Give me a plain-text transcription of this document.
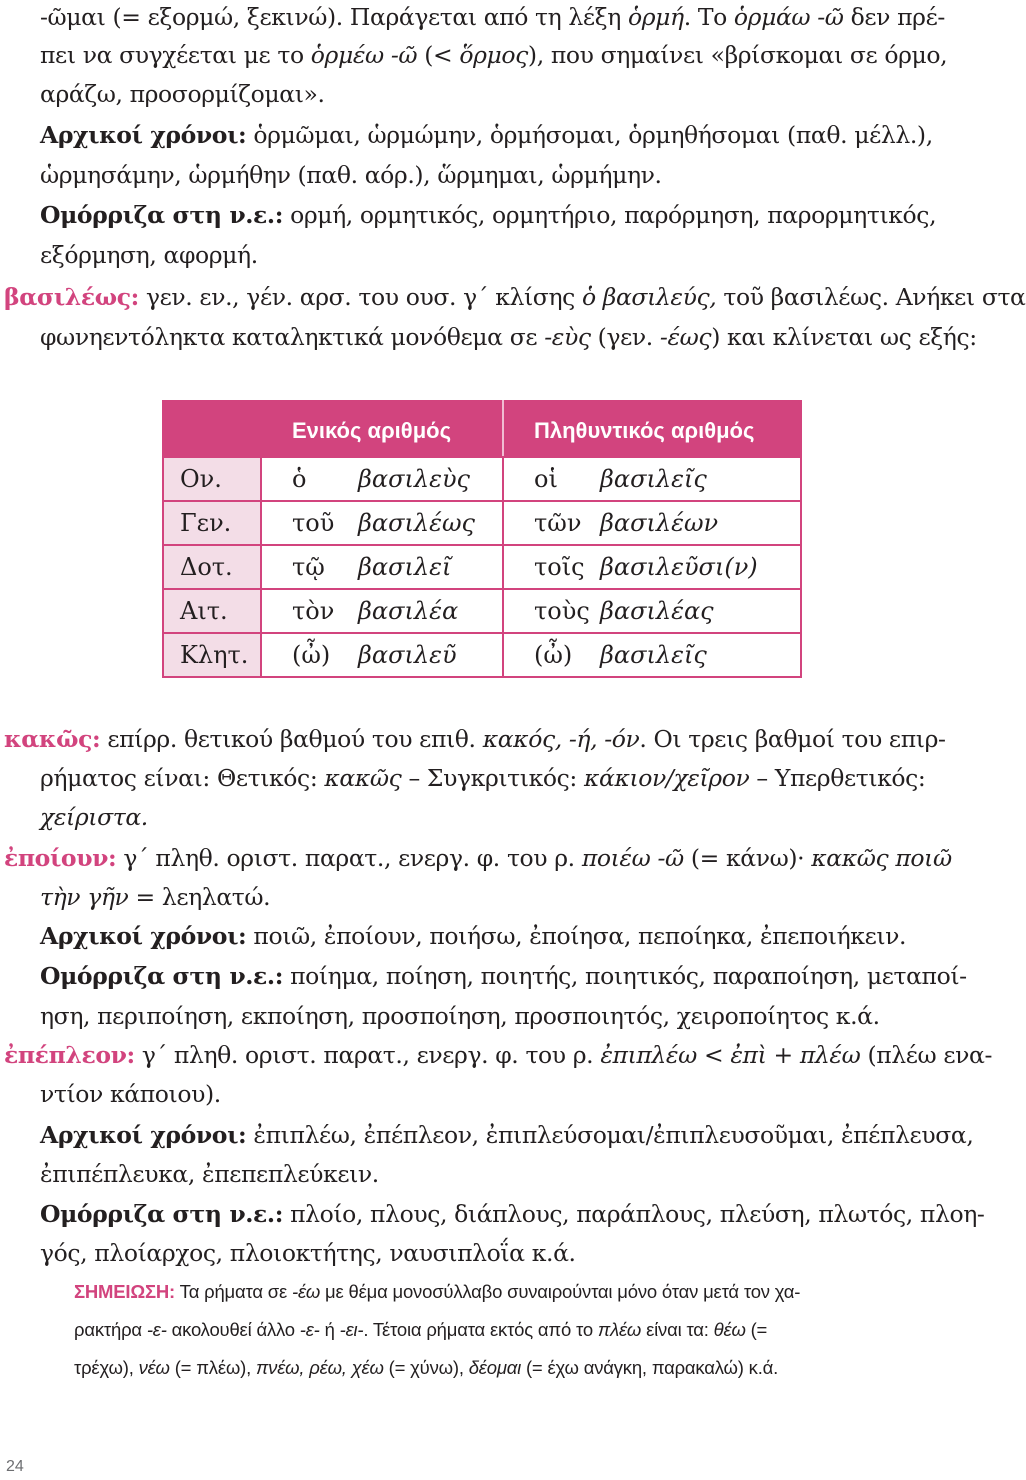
-ῶμαι (= εξορμώ, ξεκινώ). Παράγεται από τη λέξη ὁρμή. Το ὁρμάω -ῶ δεν πρέ-
πει να συγχέεται με το ὁρμέω -ῶ (< ὅρμος), που σημαίνει «βρίσκομαι σε όρμο,
αράζω, προσορμίζομαι».
Αρχικοί χρόνοι: ὁρμῶμαι, ὡρμώμην, ὁρμήσομαι, ὁρμηθήσομαι (παθ. μέλλ.),
ὡρμησάμην, ὡρμήθην (παθ. αόρ.), ὥρμημαι, ὡρμήμην.
Ομόρριζα στη ν.ε.: ορμή, ορμητικός, ορμητήριο, παρόρμηση, παρορμητικός,
εξόρμηση, αφορμή.
βασιλέως: γεν. εν., γέν. αρσ. του ουσ. γ΄ κλίσης ὁ βασιλεύς, τοῦ βασιλέως. Ανήκει στα
φωνηεντόληκτα καταληκτικά μονόθεμα σε -εὺς (γεν. -έως) και κλίνεται ως εξής:
	Ενικός αριθμός	Πληθυντικός αριθμός
Ον.	ὁ βασιλεὺς	οἱ βασιλεῖς
Γεν.	τοῦ βασιλέως	τῶν βασιλέων
Δοτ.	τῷ βασιλεῖ	τοῖς βασιλεῦσι(ν)
Αιτ.	τὸν βασιλέα	τοὺς βασιλέας
Κλητ.	(ὦ) βασιλεῦ	(ὦ) βασιλεῖς
κακῶς: επίρρ. θετικού βαθμού του επιθ. κακός, -ή, -όν. Οι τρεις βαθμοί του επιρ-
ρήματος είναι: Θετικός: κακῶς – Συγκριτικός: κάκιον/χεῖρον – Υπερθετικός:
χείριστα.
ἐποίουν: γ΄ πληθ. οριστ. παρατ., ενεργ. φ. του ρ. ποιέω -ῶ (= κάνω)· κακῶς ποιῶ
τὴν γῆν = λεηλατώ.
Αρχικοί χρόνοι: ποιῶ, ἐποίουν, ποιήσω, ἐποίησα, πεποίηκα, ἐπεποιήκειν.
Ομόρριζα στη ν.ε.: ποίημα, ποίηση, ποιητής, ποιητικός, παραποίηση, μεταποί-
ηση, περιποίηση, εκποίηση, προσποίηση, προσποιητός, χειροποίητος κ.ά.
ἐπέπλεον: γ΄ πληθ. οριστ. παρατ., ενεργ. φ. του ρ. ἐπιπλέω < ἐπὶ + πλέω (πλέω ενα-
ντίον κάποιου).
Αρχικοί χρόνοι: ἐπιπλέω, ἐπέπλεον, ἐπιπλεύσομαι/ἐπιπλευσοῦμαι, ἐπέπλευσα,
ἐπιπέπλευκα, ἐπεπεπλεύκειν.
Ομόρριζα στη ν.ε.: πλοίο, πλους, διάπλους, παράπλους, πλεύση, πλωτός, πλοη-
γός, πλοίαρχος, πλοιοκτήτης, ναυσιπλοΐα κ.ά.
ΣΗΜΕΙΩΣΗ: Τα ρήματα σε -έω με θέμα μονοσύλλαβο συναιρούνται μόνο όταν μετά τον χα-
ρακτήρα -ε- ακολουθεί άλλο -ε- ή -ει-. Τέτοια ρήματα εκτός από το πλέω είναι τα: θέω (=
τρέχω), νέω (= πλέω), πνέω, ρέω, χέω (= χύνω), δέομαι (= έχω ανάγκη, παρακαλώ) κ.ά.
24
